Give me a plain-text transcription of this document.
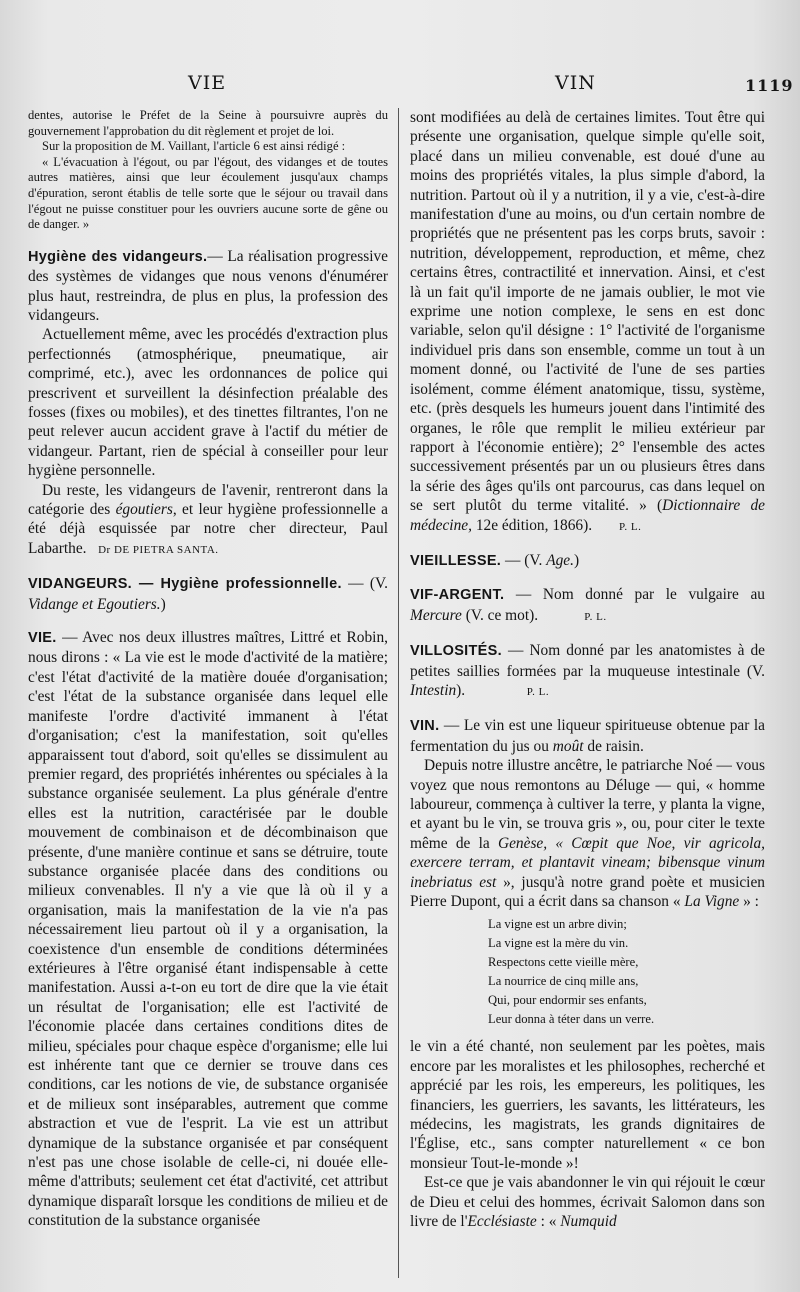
VIE	VIN	1119

dentes, autorise le Préfet de la Seine à poursuivre auprès du gouvernement l'approbation du dit règlement et projet de loi.

Sur la proposition de M. Vaillant, l'article 6 est ainsi rédigé :

« L'évacuation à l'égout, ou par l'égout, des vidanges et de toutes autres matières, ainsi que leur écoulement jusqu'aux champs d'épuration, seront établis de telle sorte que le séjour ou travail dans l'égout ne puisse constituer pour les ouvriers aucune sorte de gêne ou de danger. »

Hygiène des vidangeurs.— La réalisation progressive des systèmes de vidanges que nous venons d'énumérer plus haut, restreindra, de plus en plus, la profession des vidangeurs.

Actuellement même, avec les procédés d'extraction plus perfectionnés (atmosphérique, pneumatique, air comprimé, etc.), avec les ordonnances de police qui prescrivent et surveillent la désinfection préalable des fosses (fixes ou mobiles), et des tinettes filtrantes, l'on ne peut relever aucun accident grave à l'actif du métier de vidangeur. Partant, rien de spécial à conseiller pour leur hygiène personnelle.

Du reste, les vidangeurs de l'avenir, rentreront dans la catégorie des égoutiers, et leur hygiène professionnelle a été déjà esquissée par notre cher directeur, Paul Labarthe. Dr DE PIETRA SANTA.

VIDANGEURS. — Hygiène professionnelle. — (V. Vidange et Egoutiers.)

VIE. — Avec nos deux illustres maîtres, Littré et Robin, nous dirons : « La vie est le mode d'activité de la matière; c'est l'état d'activité de la matière douée d'organisation; c'est l'état de la substance organisée dans lequel elle manifeste l'ordre d'activité immanent à l'état d'organisation; c'est la manifestation, soit qu'elles apparaissent tout d'abord, soit qu'elles se dissimulent au premier regard, des propriétés inhérentes ou spéciales à la substance organisée seulement. La plus générale d'entre elles est la nutrition, caractérisée par le double mouvement de combinaison et de décombinaison que présente, d'une manière continue et sans se détruire, toute substance organisée placée dans des conditions ou milieux convenables. Il n'y a vie que là où il y a organisation, mais la manifestation de la vie n'a pas nécessairement lieu partout où il y a organisation, la coexistence d'un ensemble de conditions déterminées extérieures à l'être organisé étant indispensable à cette manifestation. Aussi a-t-on eu tort de dire que la vie était un résultat de l'organisation; elle est l'activité de l'économie placée dans certaines conditions dites de milieu, spéciales pour chaque espèce d'organisme; elle lui est inhérente tant que ce dernier se trouve dans ces conditions, car les notions de vie, de substance organisée et de milieux sont inséparables, autrement que comme abstraction et vue de l'esprit. La vie est un attribut dynamique de la substance organisée et par conséquent n'est pas une chose isolable de celle-ci, ni douée elle-même d'attributs; seulement cet état d'activité, cet attribut dynamique disparaît lorsque les conditions de milieu et de constitution de la substance organisée

sont modifiées au delà de certaines limites. Tout être qui présente une organisation, quelque simple qu'elle soit, placé dans un milieu convenable, est doué d'une au moins des propriétés vitales, la plus simple d'abord, la nutrition. Partout où il y a nutrition, il y a vie, c'est-à-dire manifestation d'une au moins, ou d'un certain nombre de propriétés que ne présentent pas les corps bruts, savoir : nutrition, développement, reproduction, et même, chez certains êtres, contractilité et innervation. Ainsi, et c'est là un fait qu'il importe de ne jamais oublier, le mot vie exprime une notion complexe, le sens en est donc variable, selon qu'il désigne : 1° l'activité de l'organisme individuel pris dans son ensemble, comme un tout à un moment donné, ou l'activité de l'une de ses parties isolément, comme élément anatomique, tissu, système, etc. (près desquels les humeurs jouent dans l'intimité des organes, le rôle que remplit le milieu extérieur par rapport à l'économie entière); 2° l'ensemble des actes successivement présentés par un ou plusieurs êtres dans la série des âges qu'ils ont parcourus, cas dans lequel on se sert plutôt du terme vitalité. » (Dictionnaire de médecine, 12e édition, 1866). P. L.

VIEILLESSE. — (V. Age.)

VIF-ARGENT. — Nom donné par le vulgaire au Mercure (V. ce mot).	P. L.

VILLOSITÉS. — Nom donné par les anatomistes à de petites saillies formées par la muqueuse intestinale (V. Intestin).	P. L.

VIN. — Le vin est une liqueur spiritueuse obtenue par la fermentation du jus ou moût de raisin.

Depuis notre illustre ancêtre, le patriarche Noé — vous voyez que nous remontons au Déluge — qui, « homme laboureur, commença à cultiver la terre, y planta la vigne, et ayant bu le vin, se trouva gris », ou, pour citer le texte même de la Genèse, « Cœpit que Noe, vir agricola, exercere terram, et plantavit vineam; bibensque vinum inebriatus est », jusqu'à notre grand poète et musicien Pierre Dupont, qui a écrit dans sa chanson « La Vigne » :

La vigne est un arbre divin;
La vigne est la mère du vin.
Respectons cette vieille mère,
La nourrice de cinq mille ans,
Qui, pour endormir ses enfants,
Leur donna à téter dans un verre.

le vin a été chanté, non seulement par les poètes, mais encore par les moralistes et les philosophes, recherché et apprécié par les rois, les empereurs, les politiques, les financiers, les guerriers, les savants, les littérateurs, les médecins, les magistrats, les grands dignitaires de l'Église, etc., sans compter naturellement « ce bon monsieur Tout-le-monde »!

Est-ce que je vais abandonner le vin qui réjouit le cœur de Dieu et celui des hommes, écrivait Salomon dans son livre de l'Ecclésiaste : « Numquid
